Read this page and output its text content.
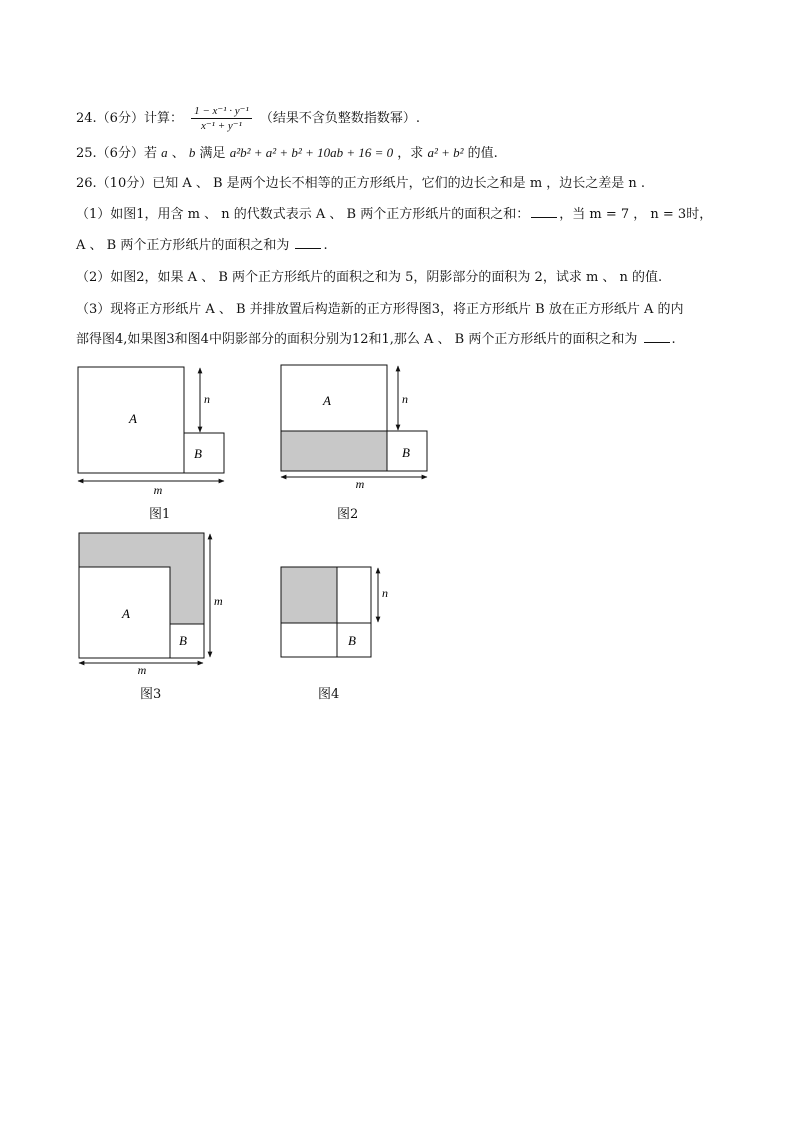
24.（6分）计算： $\frac{\text{1 − x⁻¹ · y⁻¹}}{\text{x⁻¹ + y⁻¹}}$ （结果不含负整数指数幂）.
25.（6分）若 a 、 b 满足 a²b² + a² + b² + 10ab + 16 = 0 ，求 a² + b² 的值.
26.（10分）已知 A 、 B 是两个边长不相等的正方形纸片，它们的边长之和是 m ，边长之差是 n .
（1）如图1，用含 m 、 n 的代数式表示 A 、 B 两个正方形纸片的面积之和： ，当 m = 7 ， n = 3时，
A 、 B 两个正方形纸片的面积之和为	.
（2）如图2，如果 A 、 B 两个正方形纸片的面积之和为 5，阴影部分的面积为 2，试求 m 、 n 的值.
（3）现将正方形纸片 A 、 B 并排放置后构造新的正方形得图3，将正方形纸片 B 放在正方形纸片 A 的内
部得图4,如果图3和图4中阴影部分的面积分别为12和1,那么 A 、 B 两个正方形纸片的面积之和为	.
A
B
n
m
图1
A
B
n
m
图2
A
B
m
m
图3
B
n
图4
